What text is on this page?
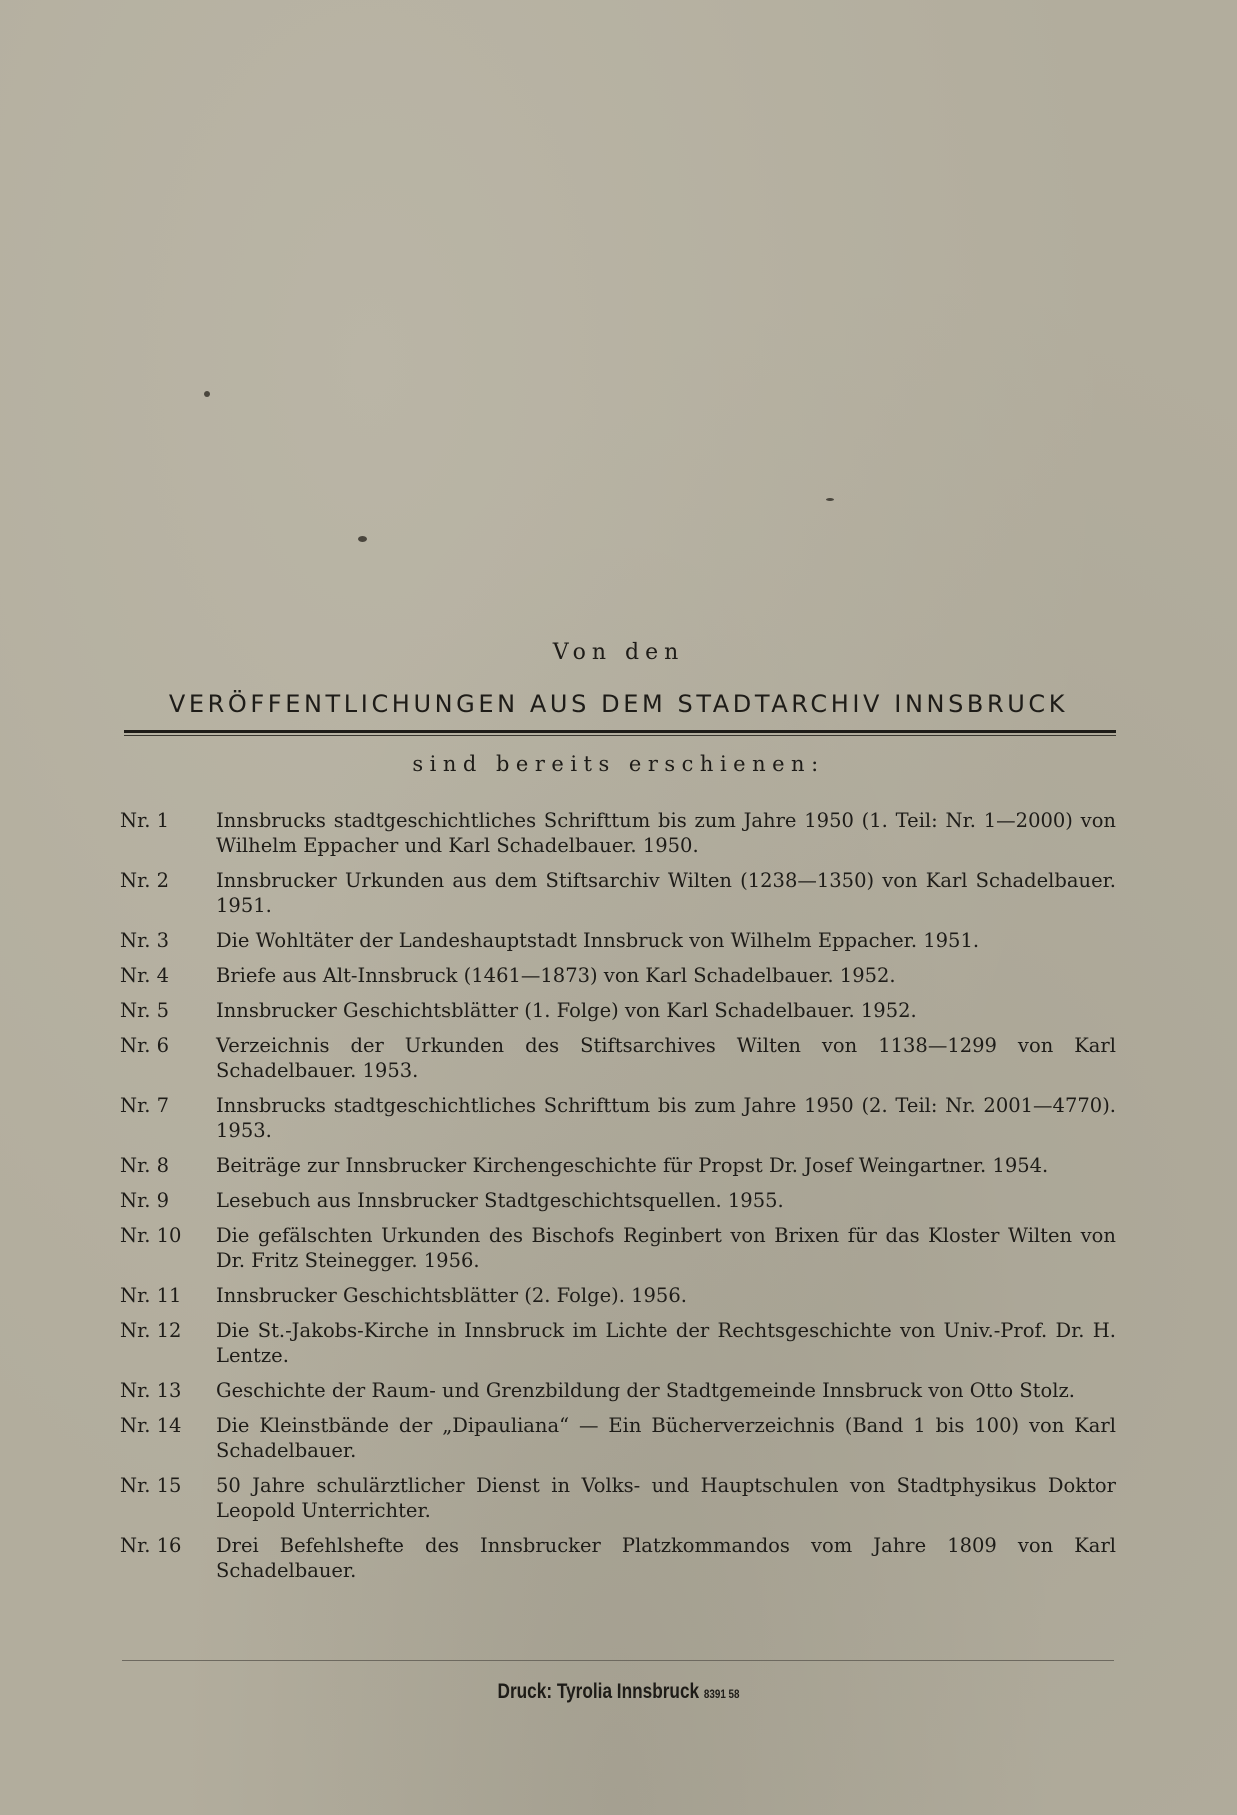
Von den
VERÖFFENTLICHUNGEN AUS DEM STADTARCHIV INNSBRUCK
sind bereits erschienen:
Nr. 1	Innsbrucks stadtgeschichtliches Schrifttum bis zum Jahre 1950 (1. Teil: Nr. 1—2000) von Wilhelm Eppacher und Karl Schadelbauer. 1950.
Nr. 2	Innsbrucker Urkunden aus dem Stiftsarchiv Wilten (1238—1350) von Karl Schadelbauer. 1951.
Nr. 3	Die Wohltäter der Landeshauptstadt Innsbruck von Wilhelm Eppacher. 1951.
Nr. 4	Briefe aus Alt-Innsbruck (1461—1873) von Karl Schadelbauer. 1952.
Nr. 5	Innsbrucker Geschichtsblätter (1. Folge) von Karl Schadelbauer. 1952.
Nr. 6	Verzeichnis der Urkunden des Stiftsarchives Wilten von 1138—1299 von Karl Schadelbauer. 1953.
Nr. 7	Innsbrucks stadtgeschichtliches Schrifttum bis zum Jahre 1950 (2. Teil: Nr. 2001—4770). 1953.
Nr. 8	Beiträge zur Innsbrucker Kirchengeschichte für Propst Dr. Josef Weingartner. 1954.
Nr. 9	Lesebuch aus Innsbrucker Stadtgeschichtsquellen. 1955.
Nr. 10	Die gefälschten Urkunden des Bischofs Reginbert von Brixen für das Kloster Wilten von Dr. Fritz Steinegger. 1956.
Nr. 11	Innsbrucker Geschichtsblätter (2. Folge). 1956.
Nr. 12	Die St.-Jakobs-Kirche in Innsbruck im Lichte der Rechtsgeschichte von Univ.-Prof. Dr. H. Lentze.
Nr. 13	Geschichte der Raum- und Grenzbildung der Stadtgemeinde Innsbruck von Otto Stolz.
Nr. 14	Die Kleinstbände der „Dipauliana“ — Ein Bücherverzeichnis (Band 1 bis 100) von Karl Schadelbauer.
Nr. 15	50 Jahre schulärztlicher Dienst in Volks- und Hauptschulen von Stadtphysikus Doktor Leopold Unterrichter.
Nr. 16	Drei Befehlshefte des Innsbrucker Platzkommandos vom Jahre 1809 von Karl Schadelbauer.
Druck: Tyrolia Innsbruck 8391 58
